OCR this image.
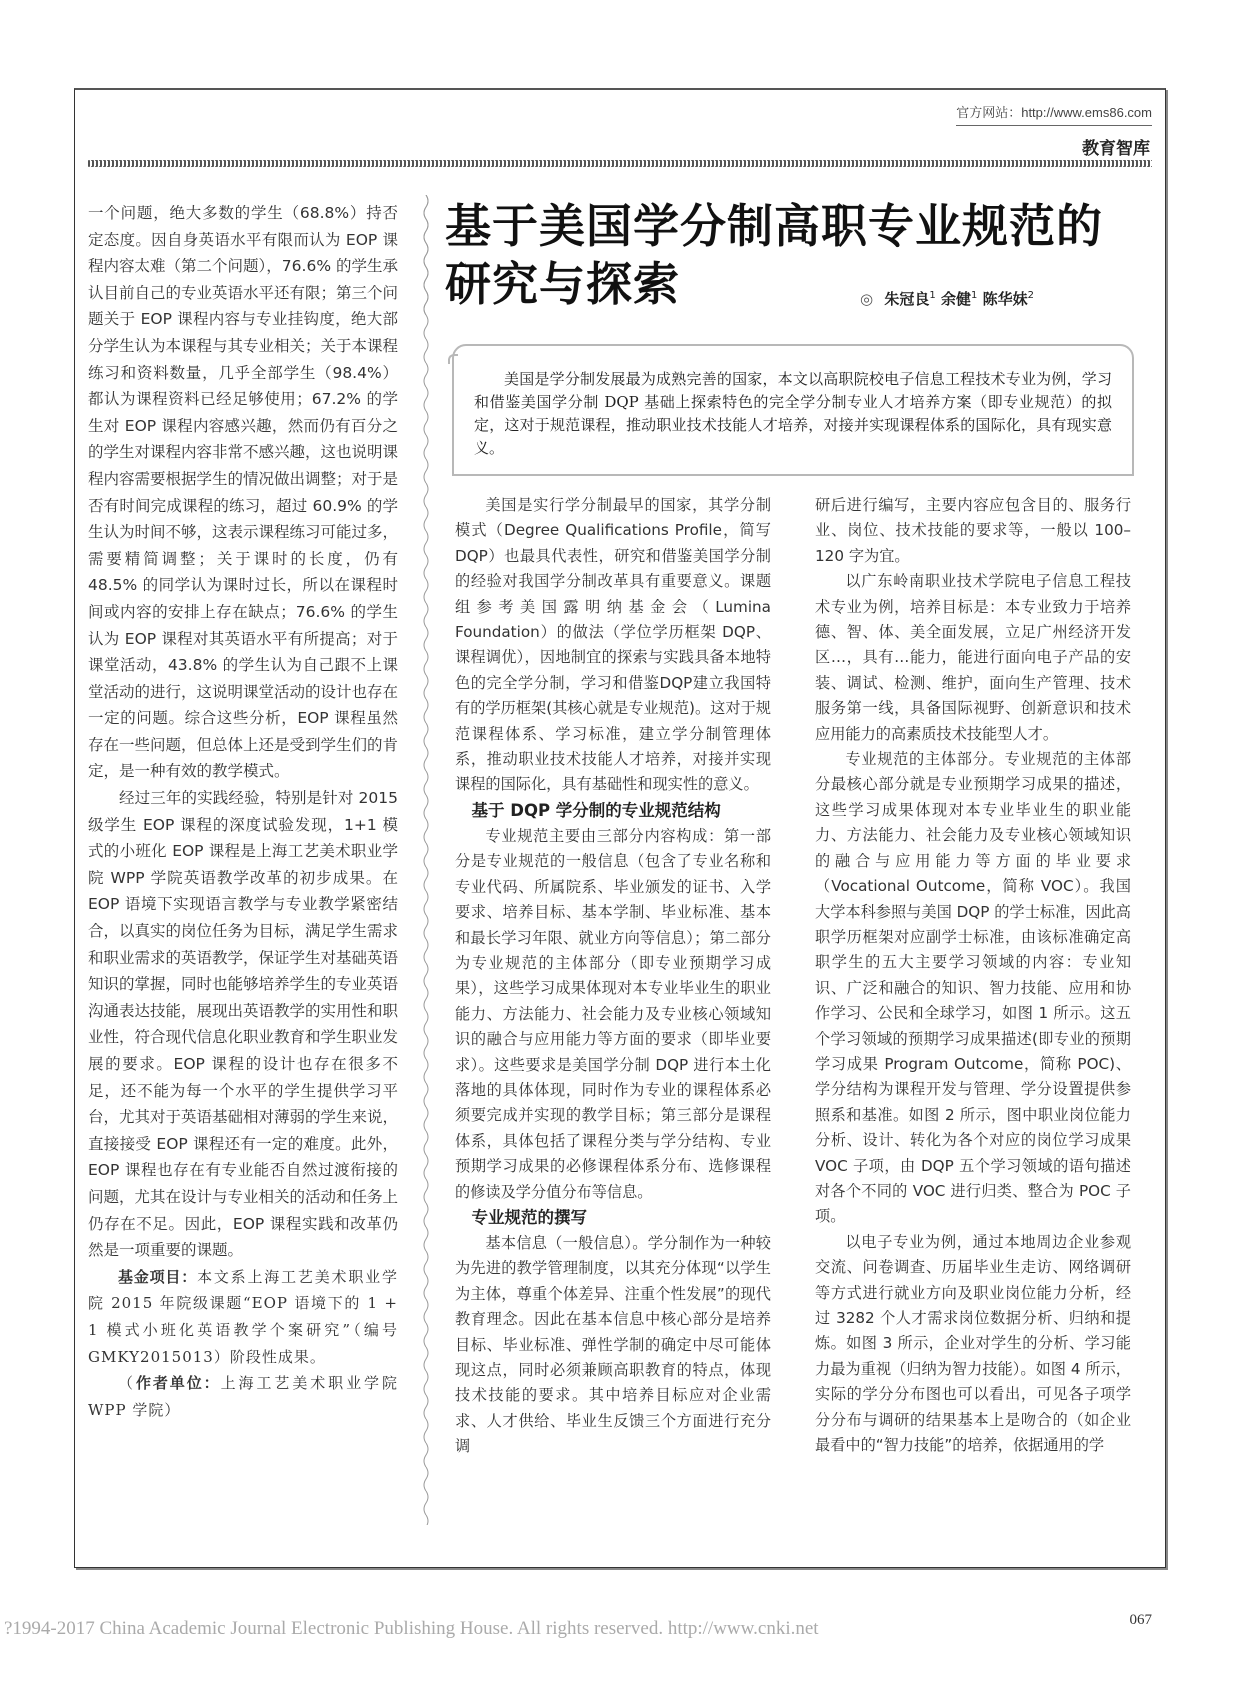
官方网站：http://www.ems86.com
教育智库

一个问题，绝大多数的学生（68.8%）持否定态度。因自身英语水平有限而认为 EOP 课程内容太难（第二个问题），76.6% 的学生承认目前自己的专业英语水平还有限；第三个问题关于 EOP 课程内容与专业挂钩度，绝大部分学生认为本课程与其专业相关；关于本课程练习和资料数量，几乎全部学生（98.4%）都认为课程资料已经足够使用；67.2% 的学生对 EOP 课程内容感兴趣，然而仍有百分之的学生对课程内容非常不感兴趣，这也说明课程内容需要根据学生的情况做出调整；对于是否有时间完成课程的练习，超过 60.9% 的学生认为时间不够，这表示课程练习可能过多，需要精简调整；关于课时的长度，仍有 48.5% 的同学认为课时过长，所以在课程时间或内容的安排上存在缺点；76.6% 的学生认为 EOP 课程对其英语水平有所提高；对于课堂活动，43.8% 的学生认为自己跟不上课堂活动的进行，这说明课堂活动的设计也存在一定的问题。综合这些分析，EOP 课程虽然存在一些问题，但总体上还是受到学生们的肯定，是一种有效的教学模式。

经过三年的实践经验，特别是针对 2015 级学生 EOP 课程的深度试验发现，1+1 模式的小班化 EOP 课程是上海工艺美术职业学院 WPP 学院英语教学改革的初步成果。在 EOP 语境下实现语言教学与专业教学紧密结合，以真实的岗位任务为目标，满足学生需求和职业需求的英语教学，保证学生对基础英语知识的掌握，同时也能够培养学生的专业英语沟通表达技能，展现出英语教学的实用性和职业性，符合现代信息化职业教育和学生职业发展的要求。EOP 课程的设计也存在很多不足，还不能为每一个水平的学生提供学习平台，尤其对于英语基础相对薄弱的学生来说，直接接受 EOP 课程还有一定的难度。此外，EOP 课程也存在有专业能否自然过渡衔接的问题，尤其在设计与专业相关的活动和任务上仍存在不足。因此，EOP 课程实践和改革仍然是一项重要的课题。

基金项目：本文系上海工艺美术职业学院 2015 年院级课题“EOP 语境下的 1 + 1 模式小班化英语教学个案研究”（编号 GMKY2015013）阶段性成果。

（作者单位：上海工艺美术职业学院 WPP 学院）

基于美国学分制高职专业规范的
研究与探索	◎ 朱冠良$^1$ 余健$^1$ 陈华妹$^2$

美国是学分制发展最为成熟完善的国家，本文以高职院校电子信息工程技术专业为例，学习和借鉴美国学分制 DQP 基础上探索特色的完全学分制专业人才培养方案（即专业规范）的拟定，这对于规范课程，推动职业技术技能人才培养，对接并实现课程体系的国际化，具有现实意义。

美国是实行学分制最早的国家，其学分制模式（Degree Qualifications Profile，简写 DQP）也最具代表性，研究和借鉴美国学分制的经验对我国学分制改革具有重要意义。课题组参考美国露明纳基金会（Lumina Foundation）的做法（学位学历框架 DQP、课程调优），因地制宜的探索与实践具备本地特色的完全学分制，学习和借鉴DQP建立我国特有的学历框架(其核心就是专业规范)。这对于规范课程体系、学习标准，建立学分制管理体系，推动职业技术技能人才培养，对接并实现课程的国际化，具有基础性和现实性的意义。

基于 DQP 学分制的专业规范结构

专业规范主要由三部分内容构成：第一部分是专业规范的一般信息（包含了专业名称和专业代码、所属院系、毕业颁发的证书、入学要求、培养目标、基本学制、毕业标准、基本和最长学习年限、就业方向等信息）；第二部分为专业规范的主体部分（即专业预期学习成果），这些学习成果体现对本专业毕业生的职业能力、方法能力、社会能力及专业核心领域知识的融合与应用能力等方面的要求（即毕业要求）。这些要求是美国学分制 DQP 进行本土化落地的具体体现，同时作为专业的课程体系必须要完成并实现的教学目标；第三部分是课程体系，具体包括了课程分类与学分结构、专业预期学习成果的必修课程体系分布、选修课程的修读及学分值分布等信息。

专业规范的撰写

基本信息（一般信息）。学分制作为一种较为先进的教学管理制度，以其充分体现“以学生为主体，尊重个体差异、注重个性发展”的现代教育理念。因此在基本信息中核心部分是培养目标、毕业标准、弹性学制的确定中尽可能体现这点，同时必须兼顾高职教育的特点，体现技术技能的要求。其中培养目标应对企业需求、人才供给、毕业生反馈三个方面进行充分调

研后进行编写，主要内容应包含目的、服务行业、岗位、技术技能的要求等，一般以 100–120 字为宜。

以广东岭南职业技术学院电子信息工程技术专业为例，培养目标是：本专业致力于培养德、智、体、美全面发展，立足广州经济开发区…，具有…能力，能进行面向电子产品的安装、调试、检测、维护，面向生产管理、技术服务第一线，具备国际视野、创新意识和技术应用能力的高素质技术技能型人才。

专业规范的主体部分。专业规范的主体部分最核心部分就是专业预期学习成果的描述，这些学习成果体现对本专业毕业生的职业能力、方法能力、社会能力及专业核心领域知识的融合与应用能力等方面的毕业要求（Vocational Outcome，简称 VOC）。我国大学本科参照与美国 DQP 的学士标准，因此高职学历框架对应副学士标准，由该标准确定高职学生的五大主要学习领域的内容：专业知识、广泛和融合的知识、智力技能、应用和协作学习、公民和全球学习，如图 1 所示。这五个学习领域的预期学习成果描述(即专业的预期学习成果 Program Outcome，简称 POC)、学分结构为课程开发与管理、学分设置提供参照系和基准。如图 2 所示，图中职业岗位能力分析、设计、转化为各个对应的岗位学习成果 VOC 子项，由 DQP 五个学习领域的语句描述对各个不同的 VOC 进行归类、整合为 POC 子项。

以电子专业为例，通过本地周边企业参观交流、问卷调查、历届毕业生走访、网络调研等方式进行就业方向及职业岗位能力分析，经过 3282 个人才需求岗位数据分析、归纳和提炼。如图 3 所示，企业对学生的分析、学习能力最为重视（归纳为智力技能）。如图 4 所示，实际的学分分布图也可以看出，可见各子项学分分布与调研的结果基本上是吻合的（如企业最看中的“智力技能”的培养，依据通用的学

067
?1994-2017 China Academic Journal Electronic Publishing House. All rights reserved. http://www.cnki.net
